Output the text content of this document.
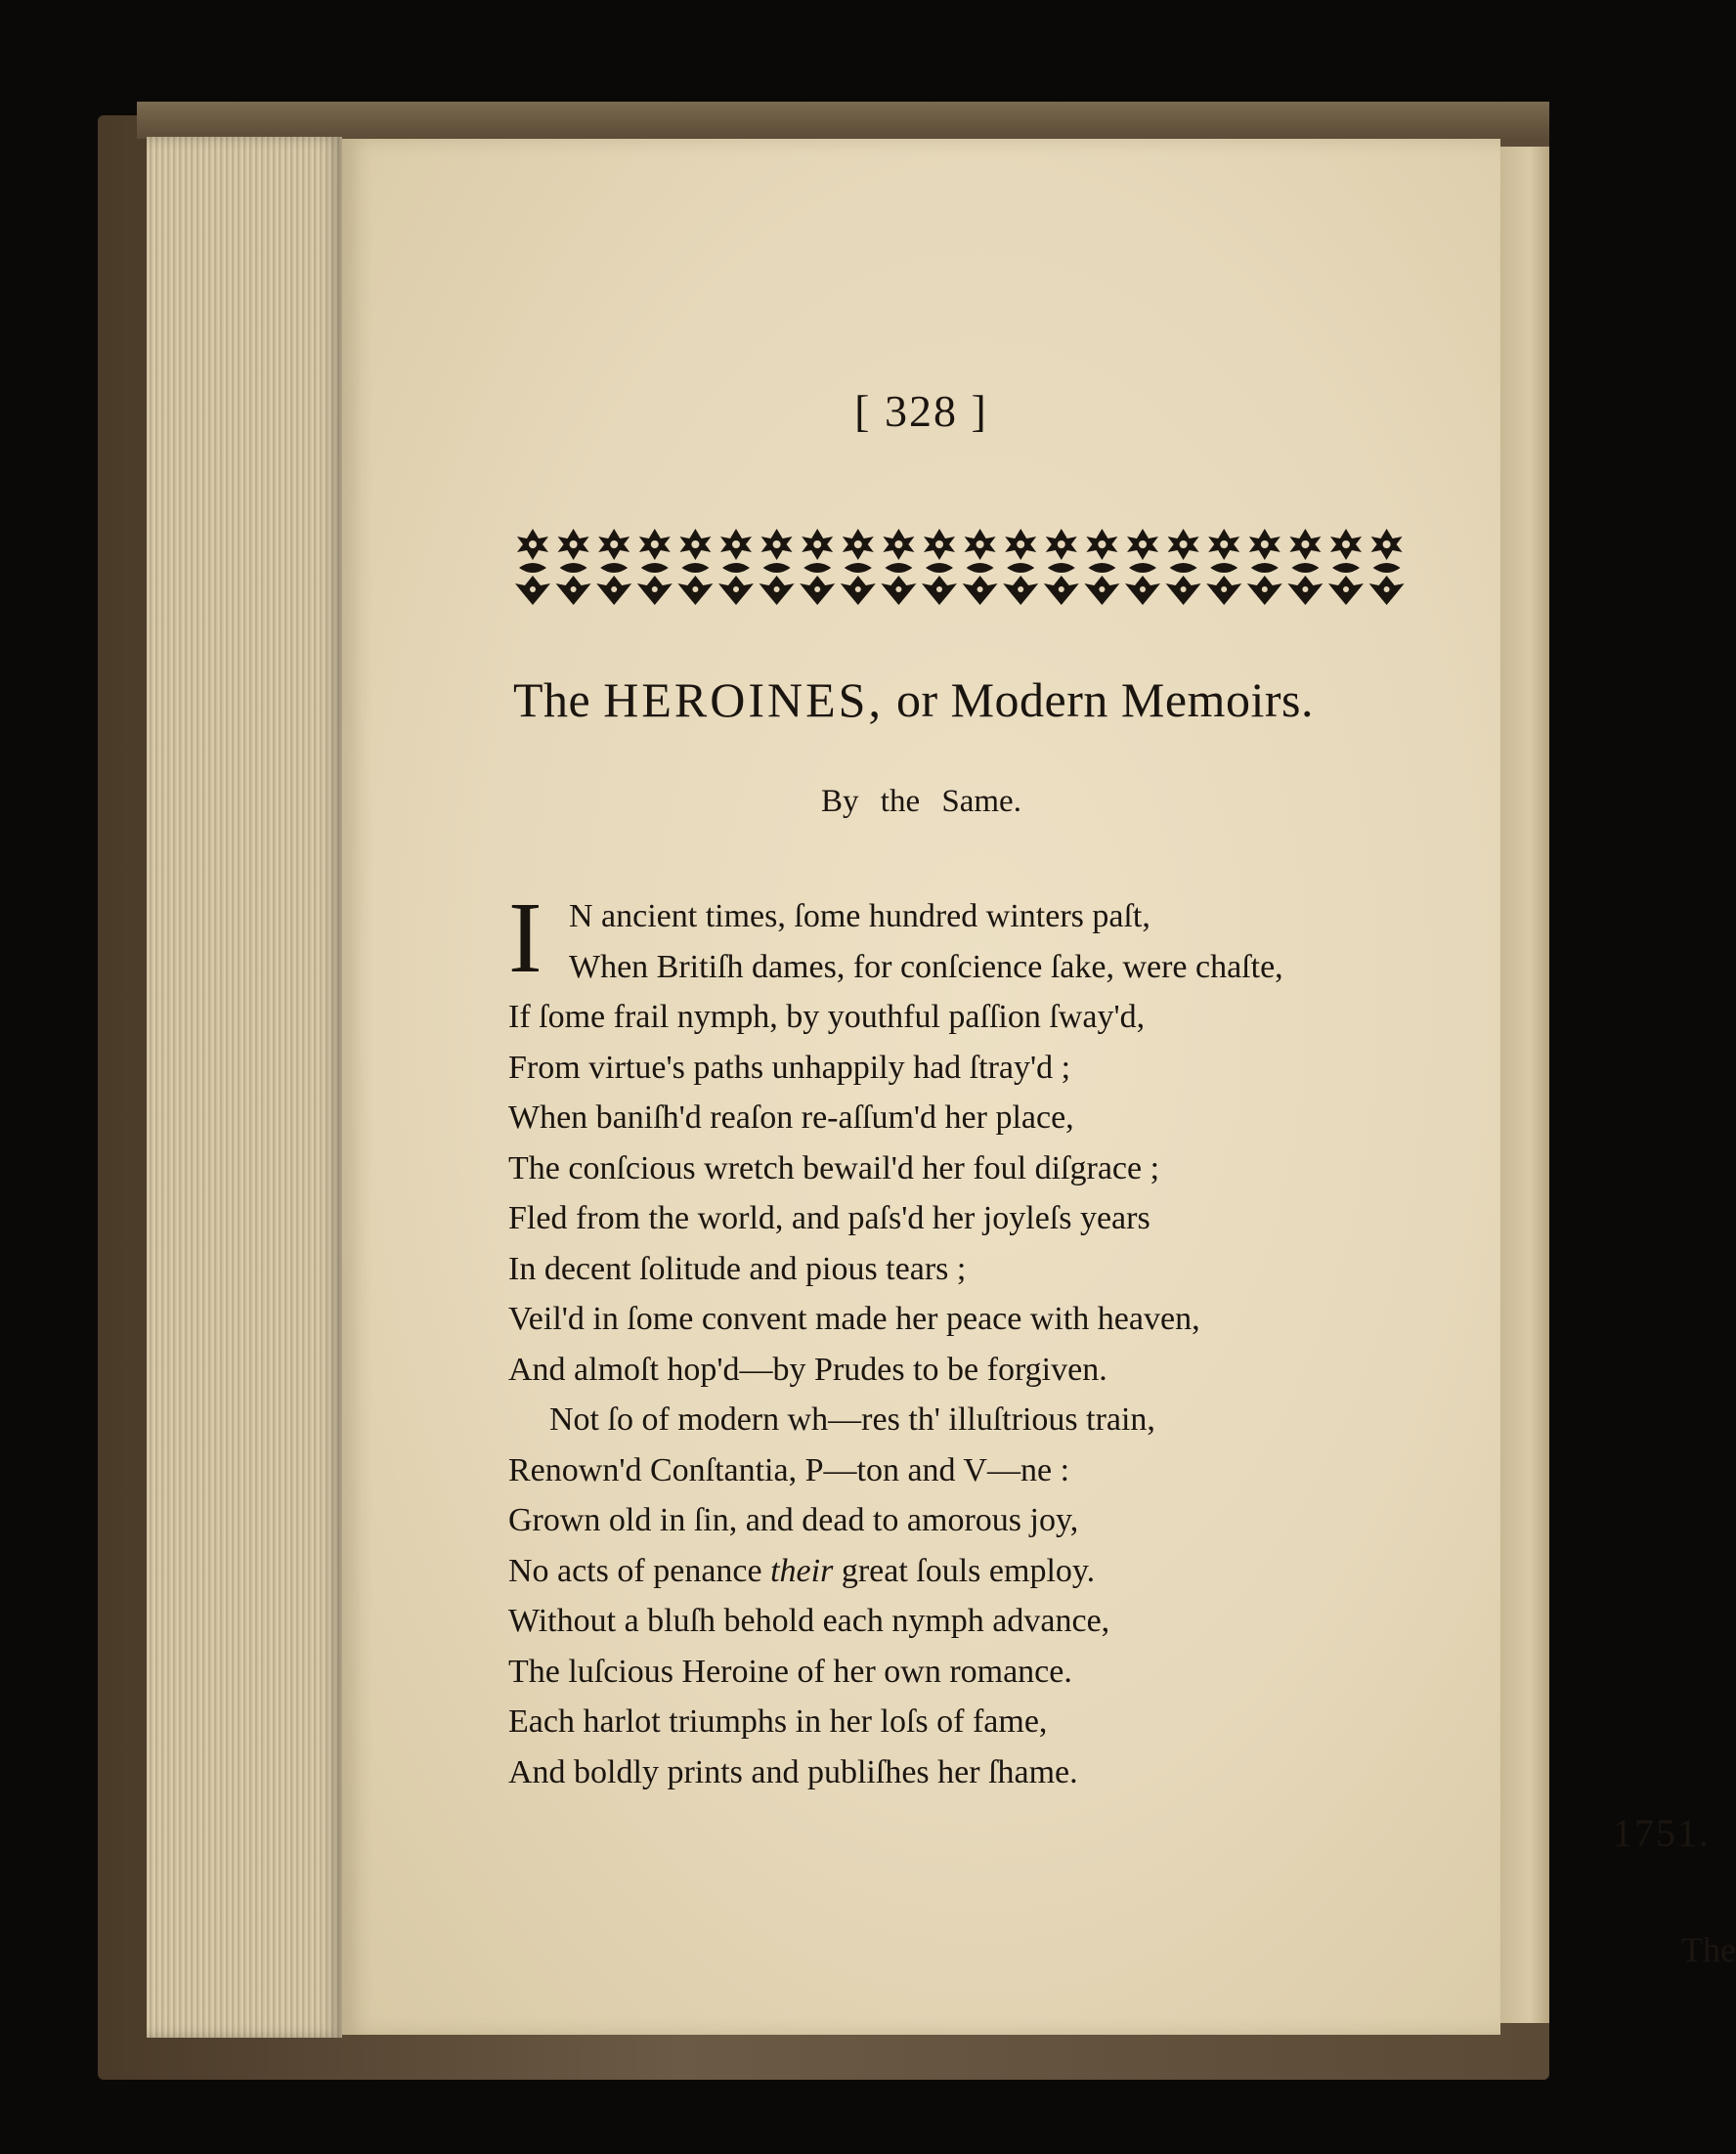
[ 328 ]
The HEROINES, or Modern Memoirs.
By the Same.
I N ancient times, ſome hundred winters paſt,
When Britiſh dames, for conſcience ſake, were chaſte,
If ſome frail nymph, by youthful paſſion ſway'd,
From virtue's paths unhappily had ſtray'd ;
When baniſh'd reaſon re-aſſum'd her place,
The conſcious wretch bewail'd her foul diſgrace ;
Fled from the world, and paſs'd her joyleſs years
In decent ſolitude and pious tears ;
Veil'd in ſome convent made her peace with heaven,
And almoſt hop'd—by Prudes to be forgiven.
Not ſo of modern wh—res th' illuſtrious train,
Renown'd Conſtantia, P—ton and V—ne :
Grown old in ſin, and dead to amorous joy,
No acts of penance their great ſouls employ.
Without a bluſh behold each nymph advance,
The luſcious Heroine of her own romance.
Each harlot triumphs in her loſs of fame,
And boldly prints and publiſhes her ſhame.
1751.
The
